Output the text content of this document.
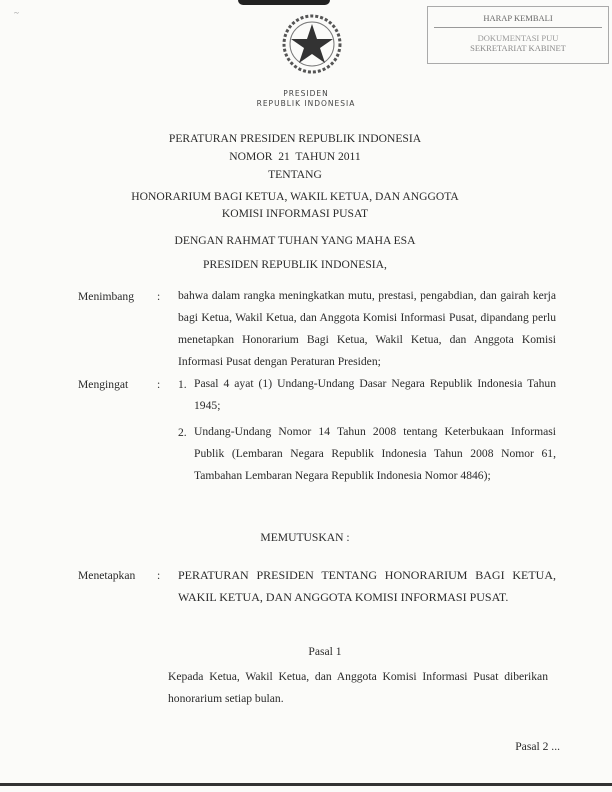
~	HARAP KEMBALI
DOKUMENTASI PUU
SEKRETARIAT KABINET
PRESIDEN
REPUBLIK INDONESIA
PERATURAN PRESIDEN REPUBLIK INDONESIA
NOMOR  21  TAHUN 2011
TENTANG
HONORARIUM BAGI KETUA, WAKIL KETUA, DAN ANGGOTA
KOMISI INFORMASI PUSAT
DENGAN RAHMAT TUHAN YANG MAHA ESA
PRESIDEN REPUBLIK INDONESIA,
Menimbang : bahwa dalam rangka meningkatkan mutu, prestasi, pengabdian, dan gairah kerja bagi Ketua, Wakil Ketua, dan Anggota Komisi Informasi Pusat, dipandang perlu menetapkan Honorarium Bagi Ketua, Wakil Ketua, dan Anggota Komisi Informasi Pusat dengan Peraturan Presiden;
Mengingat : 1. Pasal 4 ayat (1) Undang-Undang Dasar Negara Republik Indonesia Tahun 1945;
2. Undang-Undang Nomor 14 Tahun 2008 tentang Keterbukaan Informasi Publik (Lembaran Negara Republik Indonesia Tahun 2008 Nomor 61, Tambahan Lembaran Negara Republik Indonesia Nomor 4846);
MEMUTUSKAN :
Menetapkan : PERATURAN PRESIDEN TENTANG HONORARIUM BAGI KETUA, WAKIL KETUA, DAN ANGGOTA KOMISI INFORMASI PUSAT.
Pasal 1
Kepada Ketua, Wakil Ketua, dan Anggota Komisi Informasi Pusat diberikan honorarium setiap bulan.
Pasal 2 ...
